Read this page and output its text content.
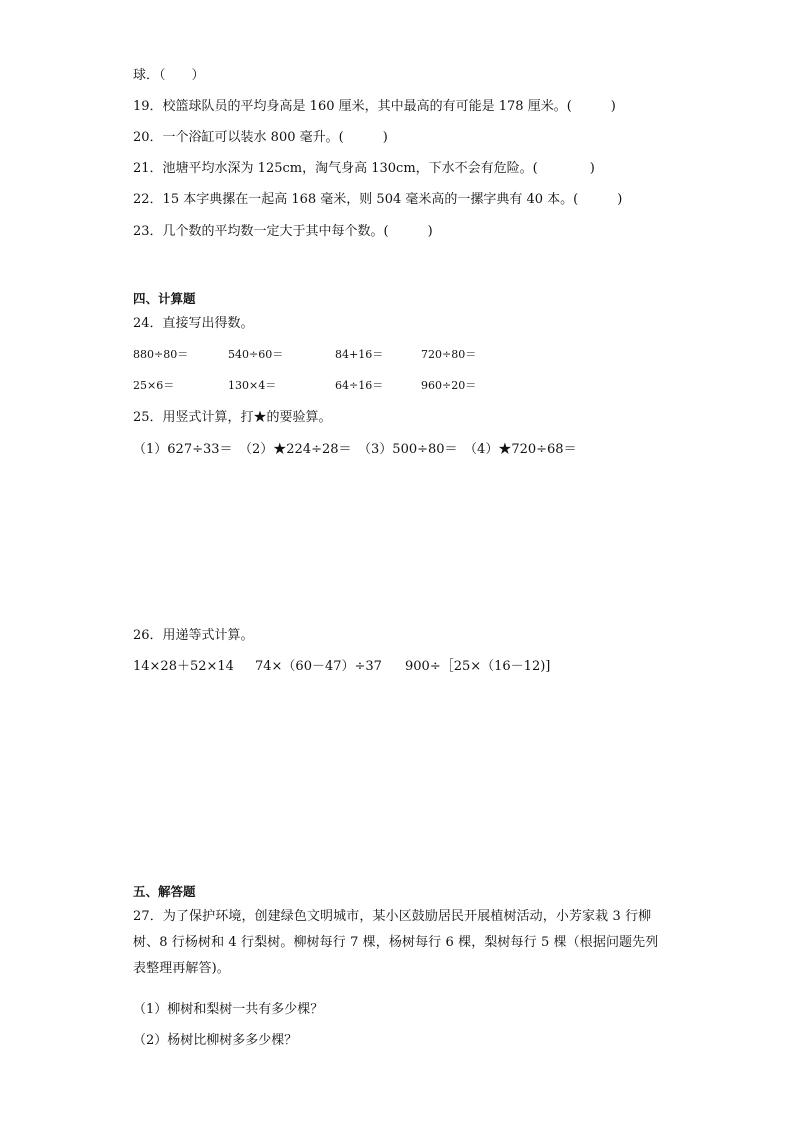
球．（　　）
19．校篮球队员的平均身高是 160 厘米，其中最高的有可能是 178 厘米。(　　　)
20．一个浴缸可以装水 800 毫升。(　　　)
21．池塘平均水深为 125cm，淘气身高 130cm，下水不会有危险。(　　　　)
22．15 本字典摞在一起高 168 毫米，则 504 毫米高的一摞字典有 40 本。(　　　)
23．几个数的平均数一定大于其中每个数。(　　　)
四、计算题
24．直接写出得数。
880÷80＝	540÷60＝	84+16＝	720÷80＝
25×6＝	130×4＝	64÷16＝	960÷20＝
25．用竖式计算，打★的要验算。
（1）627÷33＝　（2）★224÷28＝　（3）500÷80＝　（4）★720÷68＝
26．用递等式计算。
14×28＋52×14 74×（60－47）÷37 900÷［25×（16－12)]
五、解答题
27．为了保护环境，创建绿色文明城市，某小区鼓励居民开展植树活动，小芳家栽 3 行柳树、8 行杨树和 4 行梨树。柳树每行 7 棵，杨树每行 6 棵，梨树每行 5 棵（根据问题先列表整理再解答)。
（1）柳树和梨树一共有多少棵？
（2）杨树比柳树多多少棵？
